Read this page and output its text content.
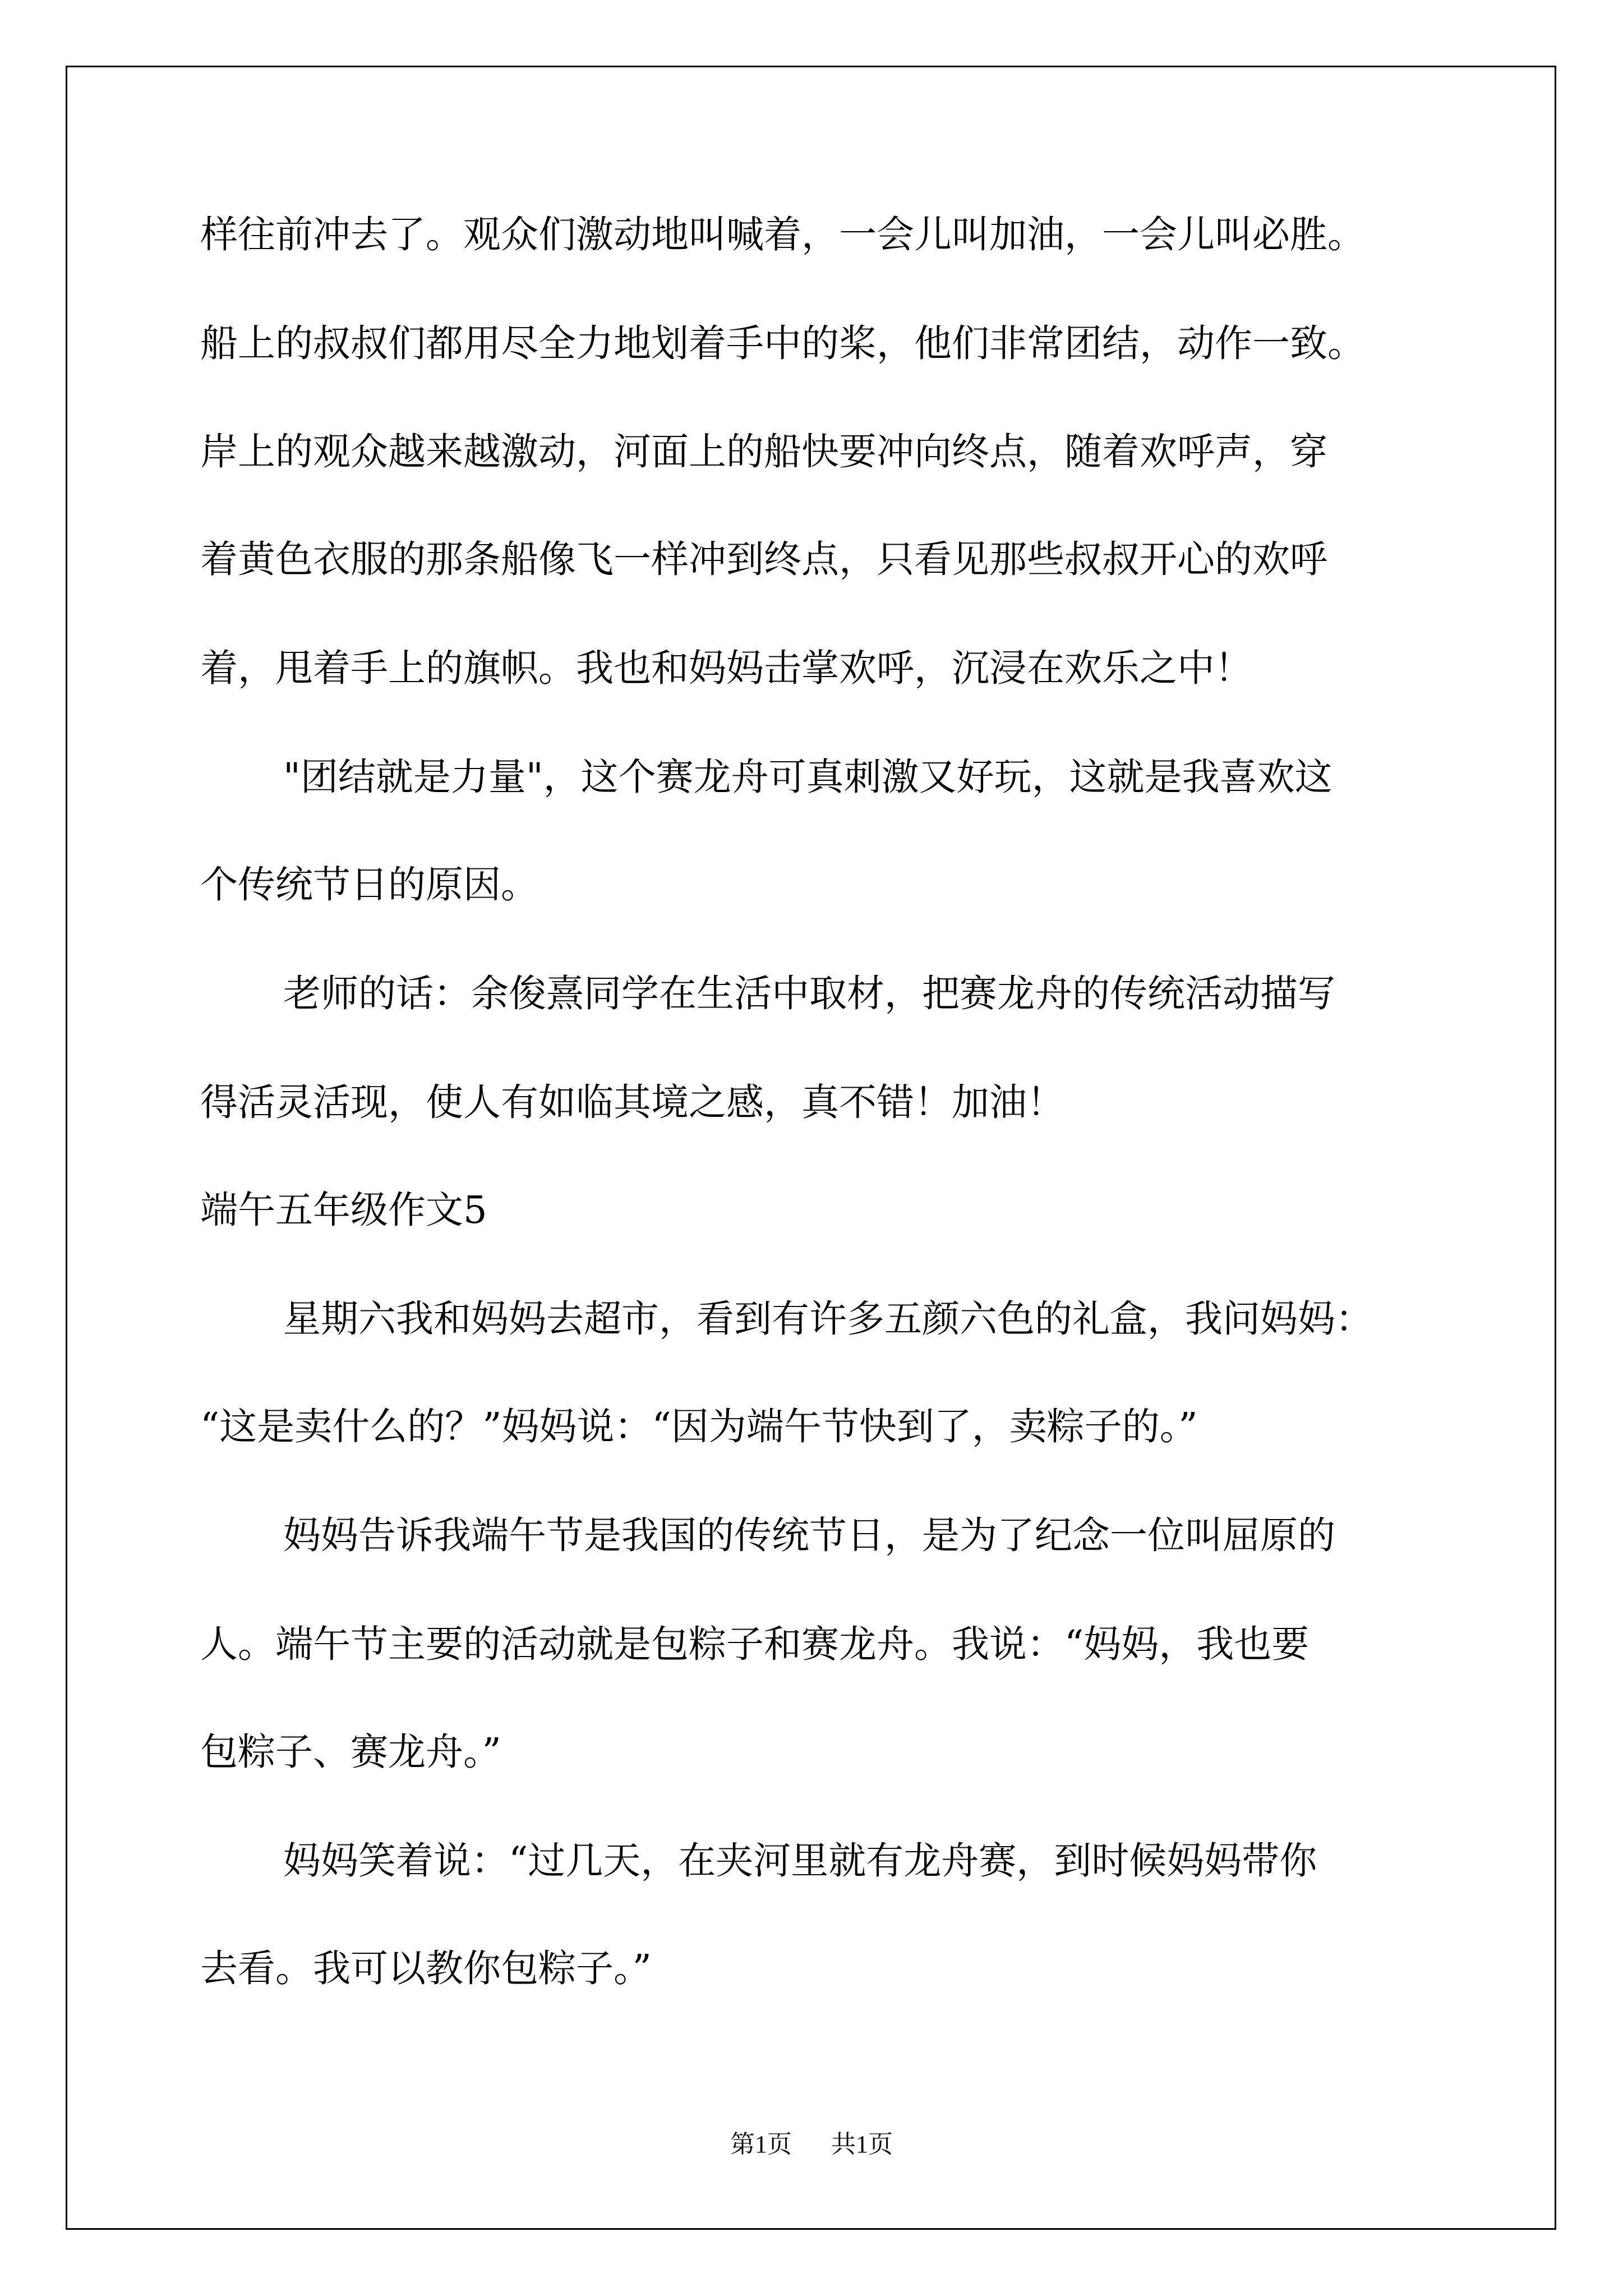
样往前冲去了。观众们激动地叫喊着，一会儿叫加油，一会儿叫必胜。
船上的叔叔们都用尽全力地划着手中的桨，他们非常团结，动作一致。
岸上的观众越来越激动，河面上的船快要冲向终点，随着欢呼声，穿
着黄色衣服的那条船像飞一样冲到终点，只看见那些叔叔开心的欢呼
着，甩着手上的旗帜。我也和妈妈击掌欢呼，沉浸在欢乐之中！
"团结就是力量"，这个赛龙舟可真刺激又好玩，这就是我喜欢这
个传统节日的原因。
老师的话：余俊熹同学在生活中取材，把赛龙舟的传统活动描写
得活灵活现，使人有如临其境之感，真不错！加油！
端午五年级作文5
星期六我和妈妈去超市，看到有许多五颜六色的礼盒，我问妈妈：
“这是卖什么的？”妈妈说：“因为端午节快到了，卖粽子的。”
妈妈告诉我端午节是我国的传统节日，是为了纪念一位叫屈原的
人。端午节主要的活动就是包粽子和赛龙舟。我说：“妈妈，我也要
包粽子、赛龙舟。”
妈妈笑着说：“过几天，在夹河里就有龙舟赛，到时候妈妈带你
去看。我可以教你包粽子。”
第1页 共1页
